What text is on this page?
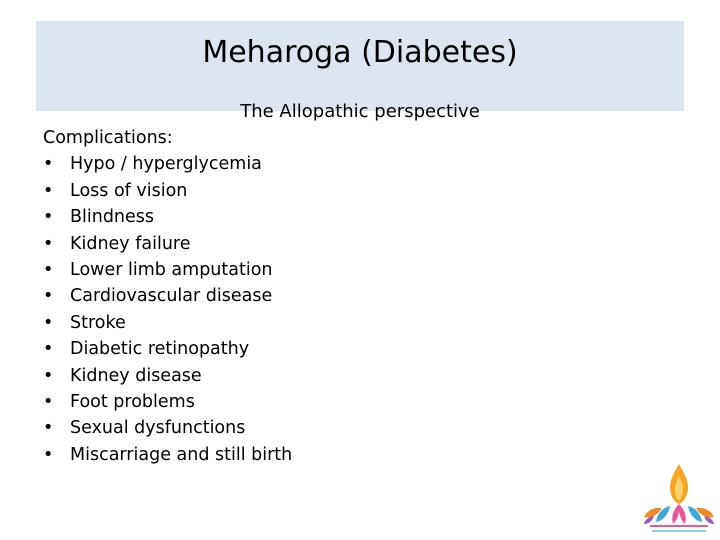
Meharoga (Diabetes)
The Allopathic perspective
Complications:
• Hypo / hyperglycemia
• Loss of vision
• Blindness
• Kidney failure
• Lower limb amputation
• Cardiovascular disease
• Stroke
• Diabetic retinopathy
• Kidney disease
• Foot problems
• Sexual dysfunctions
• Miscarriage and still birth
